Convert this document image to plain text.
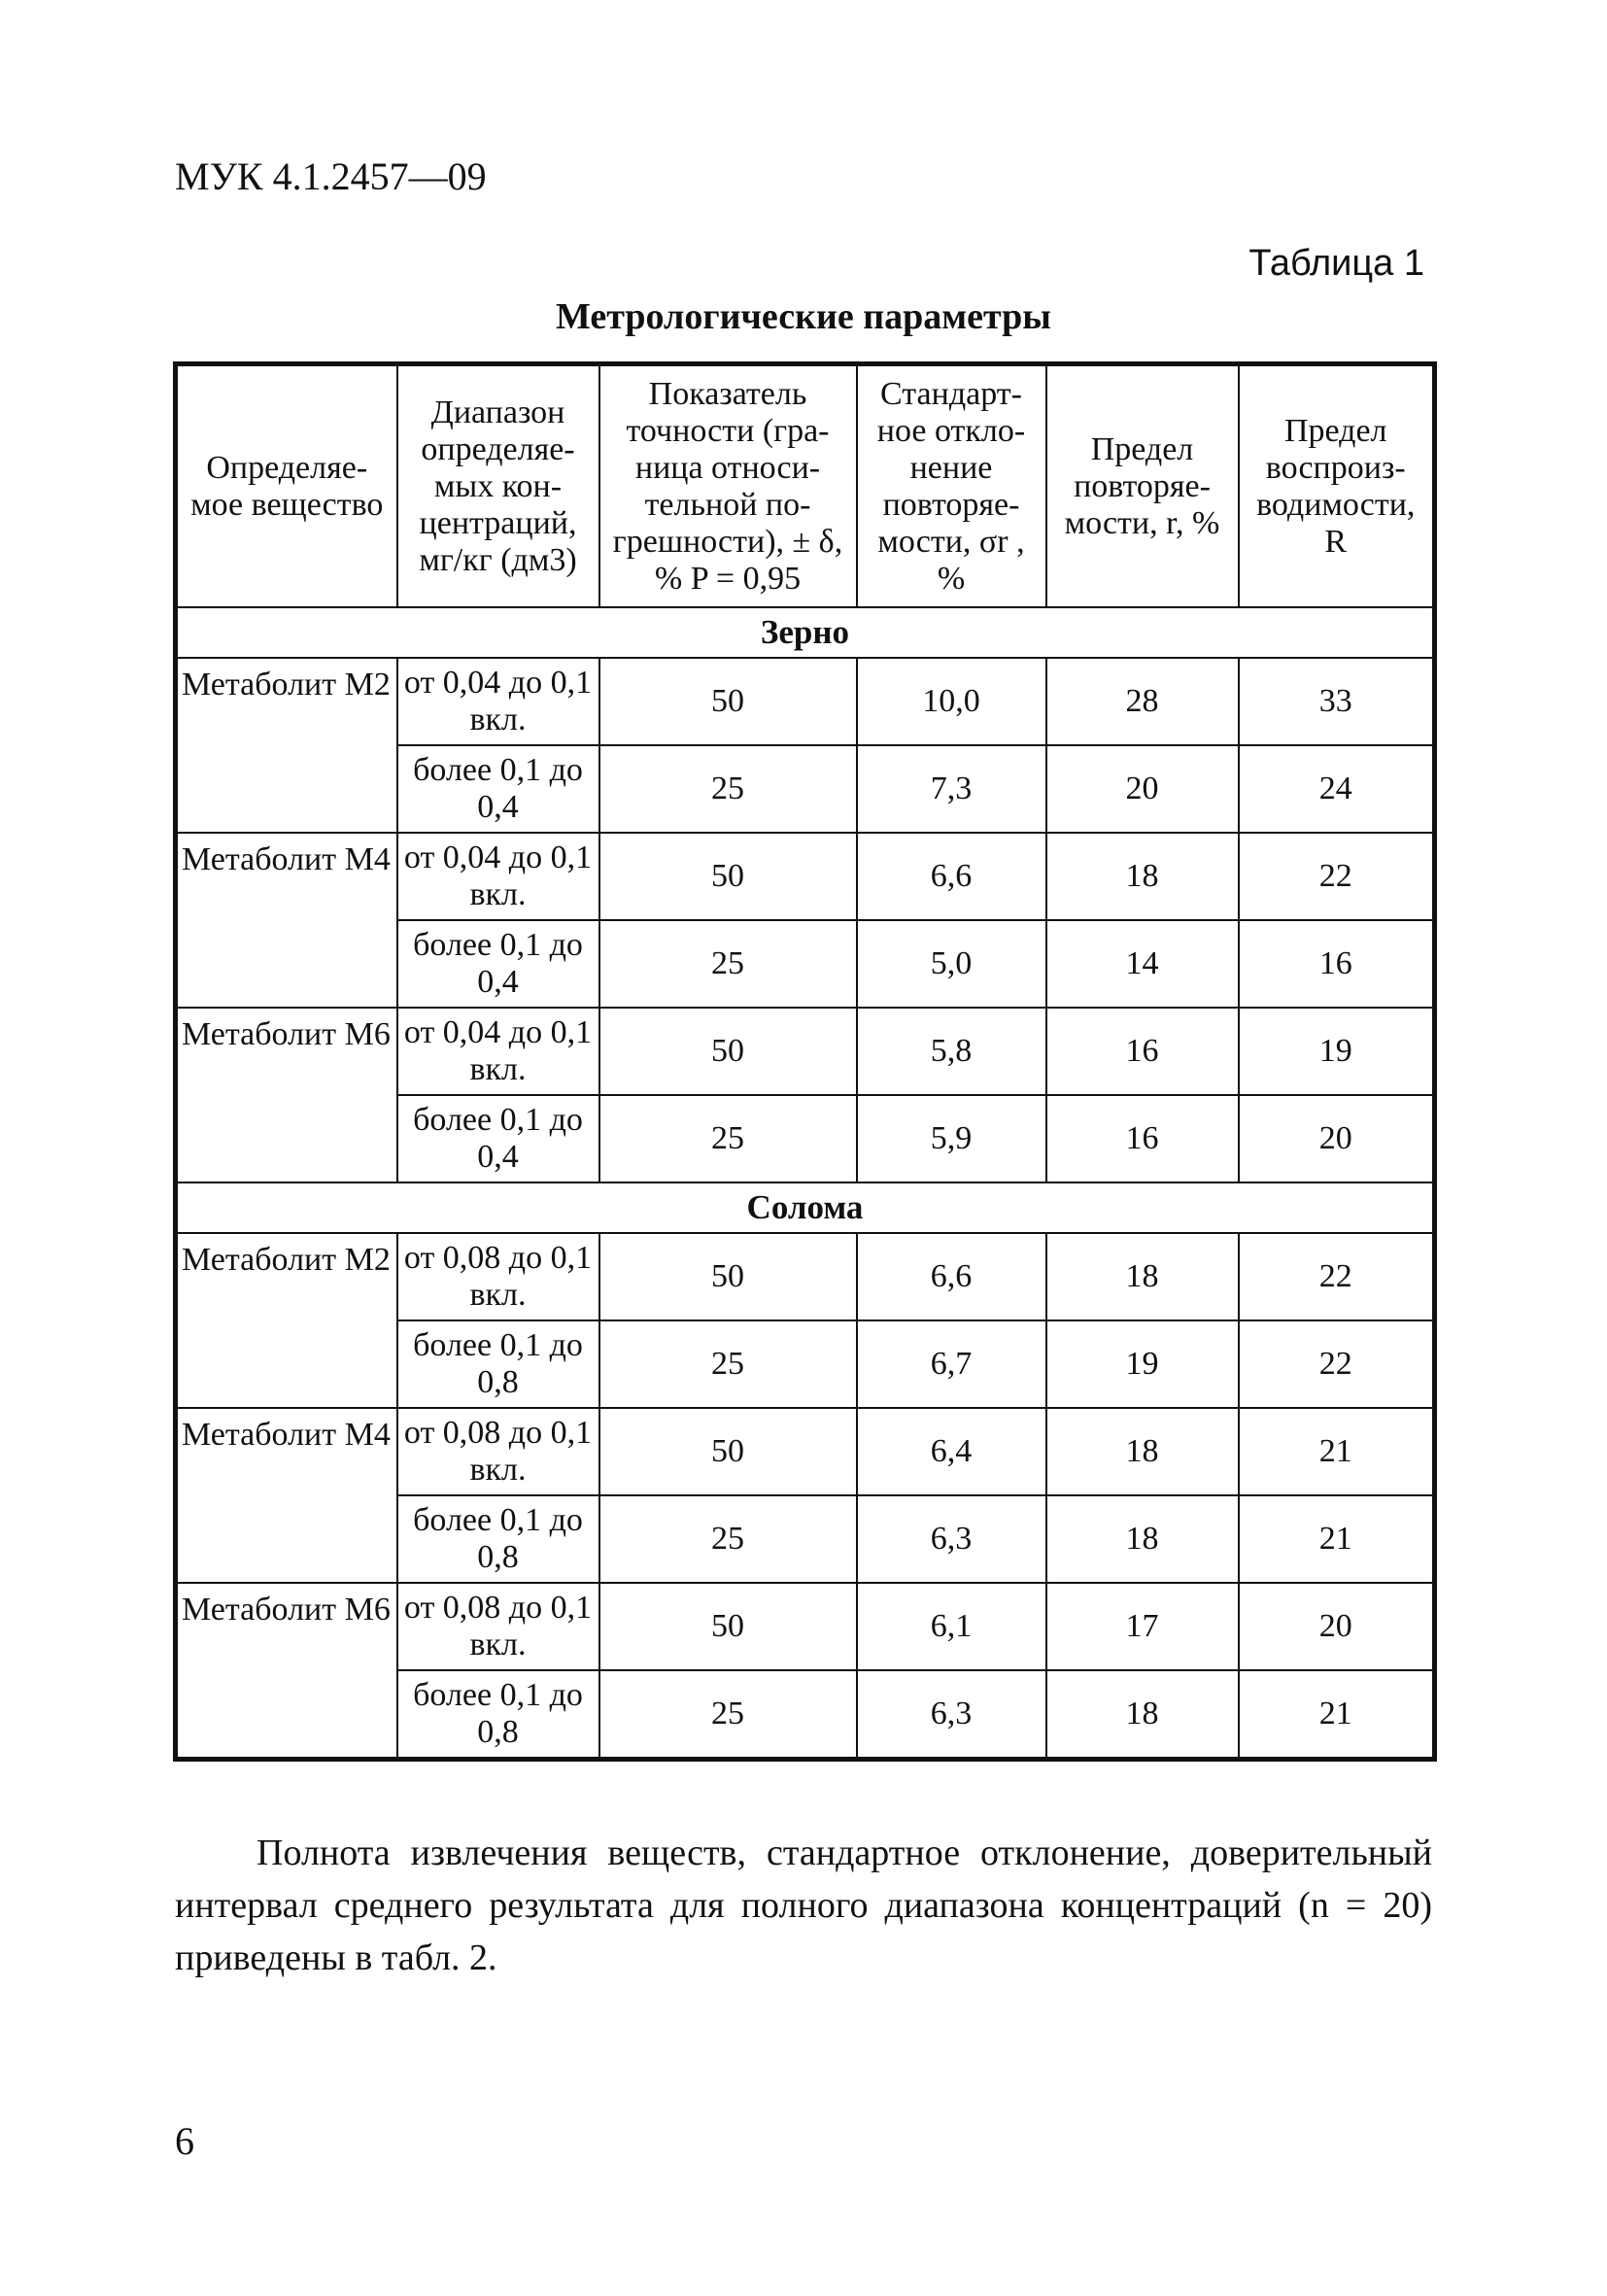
МУК 4.1.2457—09
Таблица 1
Метрологические параметры
Определяе-мое вещество	Диапазон определяе-мых кон-центраций, мг/кг (дм3)	Показатель точности (гра-ница относи-тельной по-грешности), ± δ, % P = 0,95	Стандарт-ное откло-нение повторяе-мости, σr , %	Предел повторяе-мости, r, %	Предел воспроиз-водимости, R
Зерно					
Метаболит М2	от 0,04 до 0,1 вкл.	50	10,0	28	33
	более 0,1 до 0,4	25	7,3	20	24
Метаболит М4	от 0,04 до 0,1 вкл.	50	6,6	18	22
	более 0,1 до 0,4	25	5,0	14	16
Метаболит М6	от 0,04 до 0,1 вкл.	50	5,8	16	19
	более 0,1 до 0,4	25	5,9	16	20
Солома					
Метаболит М2	от 0,08 до 0,1 вкл.	50	6,6	18	22
	более 0,1 до 0,8	25	6,7	19	22
Метаболит М4	от 0,08 до 0,1 вкл.	50	6,4	18	21
	более 0,1 до 0,8	25	6,3	18	21
Метаболит М6	от 0,08 до 0,1 вкл.	50	6,1	17	20
	более 0,1 до 0,8	25	6,3	18	21
Полнота извлечения веществ, стандартное отклонение, доверительный интервал среднего результата для полного диапазона концентраций (n = 20) приведены в табл. 2.
6
